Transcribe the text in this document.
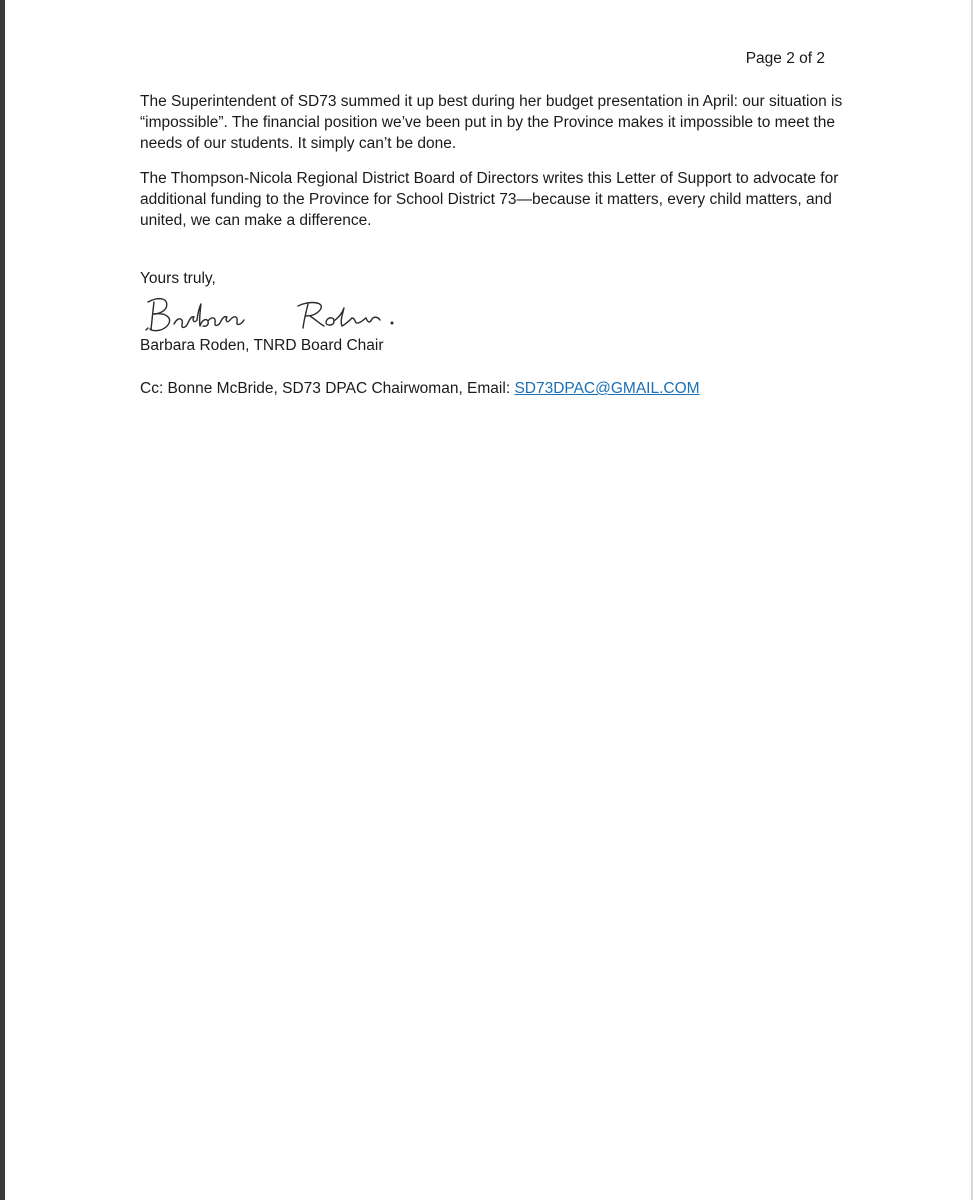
Page 2 of 2

The Superintendent of SD73 summed it up best during her budget presentation in April: our situation is “impossible”. The financial position we’ve been put in by the Province makes it impossible to meet the needs of our students. It simply can’t be done.

The Thompson-Nicola Regional District Board of Directors writes this Letter of Support to advocate for additional funding to the Province for School District 73—because it matters, every child matters, and united, we can make a difference.

Yours truly,
Barbara Roden, TNRD Board Chair
Cc: Bonne McBride, SD73 DPAC Chairwoman, Email: SD73DPAC@GMAIL.COM
